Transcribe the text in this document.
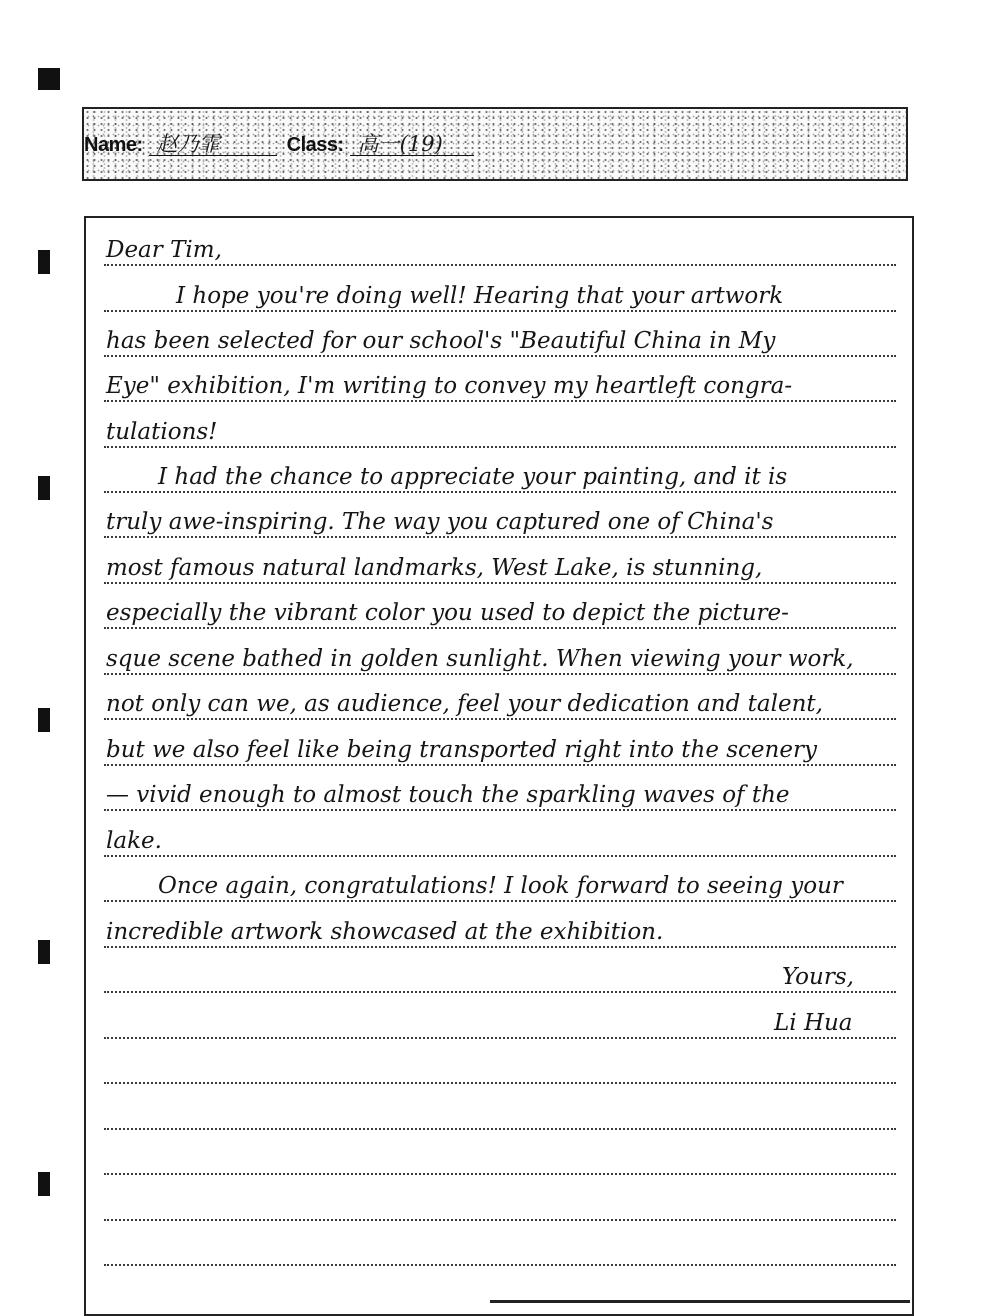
Name: 赵乃霏	Class: 高一(19)
Dear Tim,
I hope you're doing well! Hearing that your artwork
has been selected for our school's "Beautiful China in My
Eye" exhibition, I'm writing to convey my heartleft congra-
tulations!
I had the chance to appreciate your painting, and it is
truly awe-inspiring. The way you captured one of China's
most famous natural landmarks, West Lake, is stunning,
especially the vibrant color you used to depict the picture-
sque scene bathed in golden sunlight. When viewing your work,
not only can we, as audience, feel your dedication and talent,
but we also feel like being transported right into the scenery
— vivid enough to almost touch the sparkling waves of the
lake.
Once again, congratulations! I look forward to seeing your
incredible artwork showcased at the exhibition.
Yours,
Li Hua
